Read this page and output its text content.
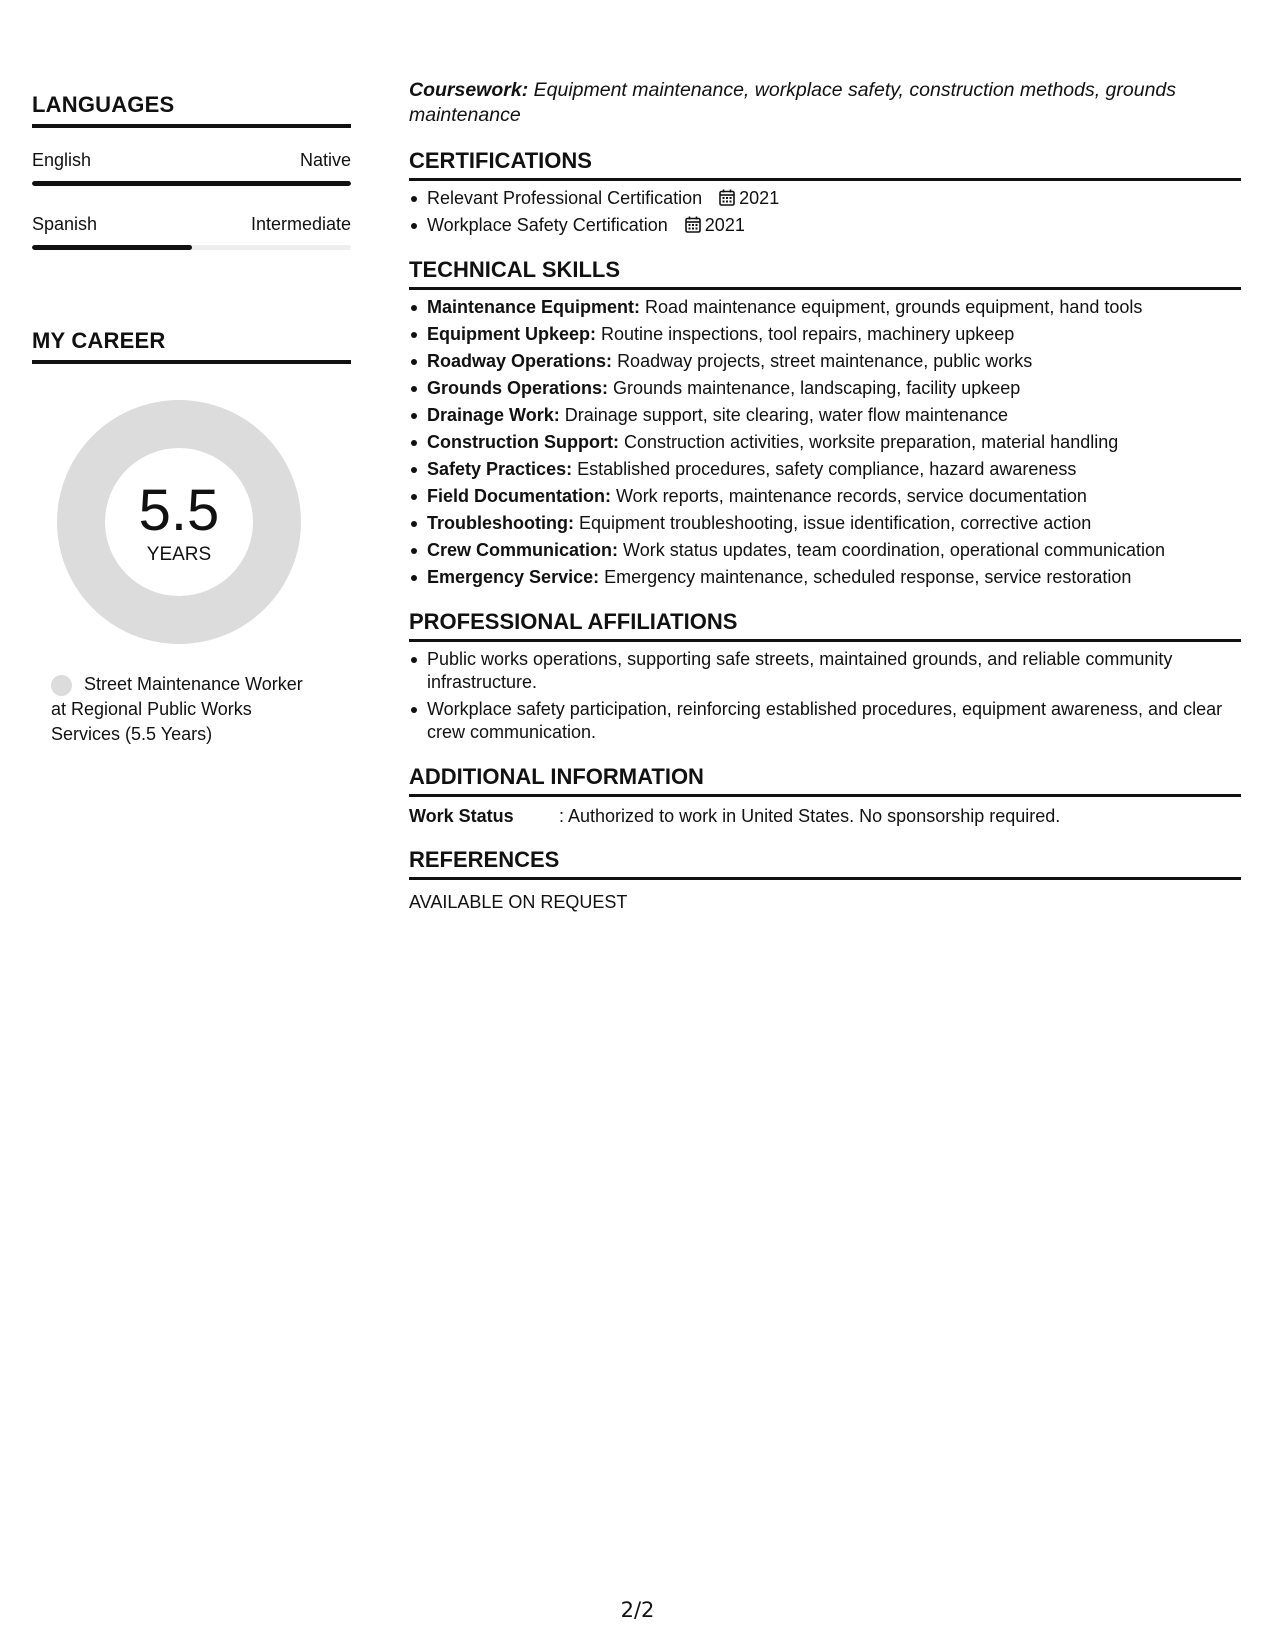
LANGUAGES
English	Native
Spanish	Intermediate
MY CAREER
5.5
YEARS
Street Maintenance Worker at Regional Public Works Services (5.5 Years)
Coursework: Equipment maintenance, workplace safety, construction methods, grounds maintenance
CERTIFICATIONS
Relevant Professional Certification 2021
Workplace Safety Certification 2021
TECHNICAL SKILLS
Maintenance Equipment: Road maintenance equipment, grounds equipment, hand tools
Equipment Upkeep: Routine inspections, tool repairs, machinery upkeep
Roadway Operations: Roadway projects, street maintenance, public works
Grounds Operations: Grounds maintenance, landscaping, facility upkeep
Drainage Work: Drainage support, site clearing, water flow maintenance
Construction Support: Construction activities, worksite preparation, material handling
Safety Practices: Established procedures, safety compliance, hazard awareness
Field Documentation: Work reports, maintenance records, service documentation
Troubleshooting: Equipment troubleshooting, issue identification, corrective action
Crew Communication: Work status updates, team coordination, operational communication
Emergency Service: Emergency maintenance, scheduled response, service restoration
PROFESSIONAL AFFILIATIONS
Public works operations, supporting safe streets, maintained grounds, and reliable community infrastructure.
Workplace safety participation, reinforcing established procedures, equipment awareness, and clear crew communication.
ADDITIONAL INFORMATION
Work Status	: Authorized to work in United States. No sponsorship required.
REFERENCES
AVAILABLE ON REQUEST
2/2
